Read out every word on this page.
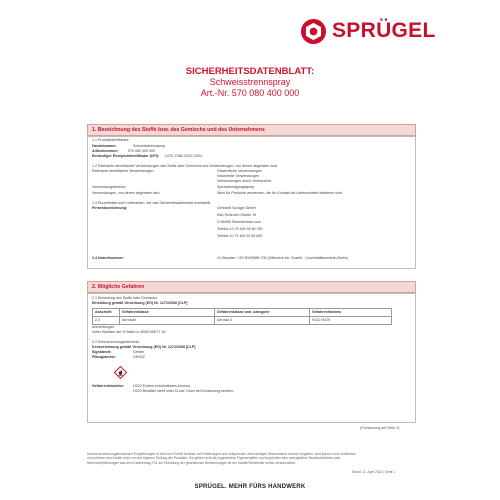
SPRÜGEL
SICHERHEITSDATENBLATT:
Schweisstrennspray
Art.-Nr. 570 080 400 000
1. Bezeichnung des Stoffs bzw. des Gemischs und des Unternehmens
1.1 Produktidentifikator
Handelsname:	Schweisstrennspray
Artikelnummer:	570 080 400 000
Eindeutiger Rezepturidentifikator (UFI): UJ70-7085-C00X-0004
1.2 Relevante identifizierte Verwendungen des Stoffs oder Gemischs und Verwendungen, von denen abgeraten wird
Relevante identifizierte Verwendungen:	Gewerbliche Verwendungen
Industrielle Verwendungen
Verwendungen durch Verbraucher
Verwendungsbereich	Spezialreinigungsspray
Verwendungen, von denen abgeraten wird	Nicht für Produkte verwenden, die für Kontakt mit Lebensmitteln bestimmt sind
1.3 Einzelheiten zum Lieferanten, der das Sicherheitsdatenblatt bereitstellt
Firmenbezeichnung:	Gerhardt Sprügel GmbH
Karl-Scheurer-Straße 19
D-56455 Stoeckenfrau.com
Telefon 10 79 400 93 80 930
Telefax 10 79 400 93 80 890
1.4 Notrufnummer:	24 Stunden: +49 30/30686 700 (Giftnotruf der Charité - Universitätsmedizin Berlin)
2. Mögliche Gefahren
2.1 Einstufung des Stoffs oder Gemischs
Einstufung gemäß Verordnung (EG) Nr. 1272/2008 [CLP]
Abschnitt	Gefahrenklasse	Gefahrenklasse und -kategorie	Gefahrenhinweis
2.3	Aerosole	Aerosol 3	H222,H229
Anmerkungen
Voller Wortlaut der H-Sätze in ABSCHNITT 16.
2.2 Kennzeichnungselemente
Kennzeichnung gemäß Verordnung (EG) Nr. 1272/2008 [CLP]
Signalwort:	Gefahr
Piktogramme:	GHS02
Gefahrenhinweise: H222 Extrem entzündbares Aerosol.
H229 Behälter steht unter Druck: Kann bei Erwärmung bersten.
(Fortsetzung auf Seite 3)
Unsere anwendungstechnische Empfehlungen in Wort und Schrift beruhen auf Erfahrungen und entsprechen dem heutigen Wissenstand unserer Angaben, sind jedoch nicht verbindlich
und befreien den Käufer nicht von der eigenen Prüfung der Produkte. Sie gelten nicht als zugesicherte Eigenschaften und begründen kein vertragliches Rechtsverhältnis oder
Nebenverpflichtungen aus dem Kaufvertrag. Für die Einhaltung der gesetzlichen Bestimmungen ist der Käufer/Verarbeiter selbst verantwortlich.
Stand: 11. April 2022 | Seite 1
SPRÜGEL. MEHR FÜRS HANDWERK
